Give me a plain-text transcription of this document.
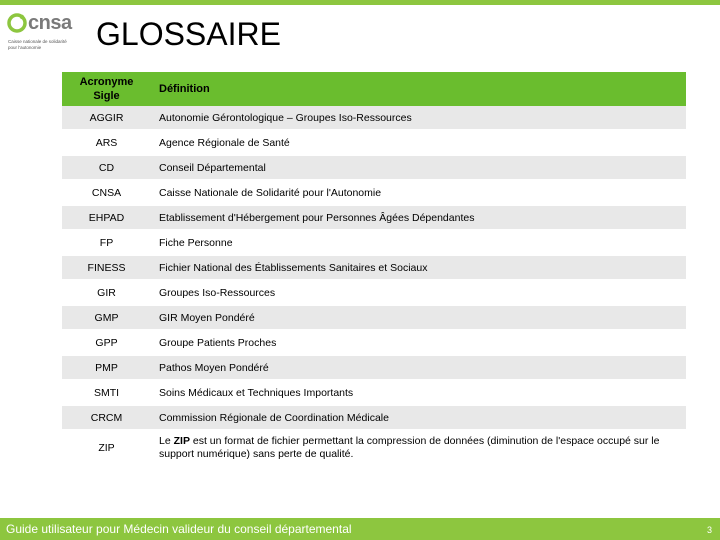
cnsa
Caisse nationale de solidarité pour l'autonomie	GLOSSAIRE
Acronyme Sigle	Définition
AGGIR	Autonomie Gérontologique – Groupes Iso-Ressources
ARS	Agence Régionale de Santé
CD	Conseil Départemental
CNSA	Caisse Nationale de Solidarité pour l'Autonomie
EHPAD	Etablissement d'Hébergement pour Personnes Âgées Dépendantes
FP	Fiche Personne
FINESS	Fichier National des Établissements Sanitaires et Sociaux
GIR	Groupes Iso-Ressources
GMP	GIR Moyen Pondéré
GPP	Groupe Patients Proches
PMP	Pathos Moyen Pondéré
SMTI	Soins Médicaux et Techniques Importants
CRCM	Commission Régionale de Coordination Médicale
ZIP	Le ZIP est un format de fichier permettant la compression de données (diminution de l'espace occupé sur le support numérique) sans perte de qualité.
Guide utilisateur pour Médecin valideur du conseil départemental	3
